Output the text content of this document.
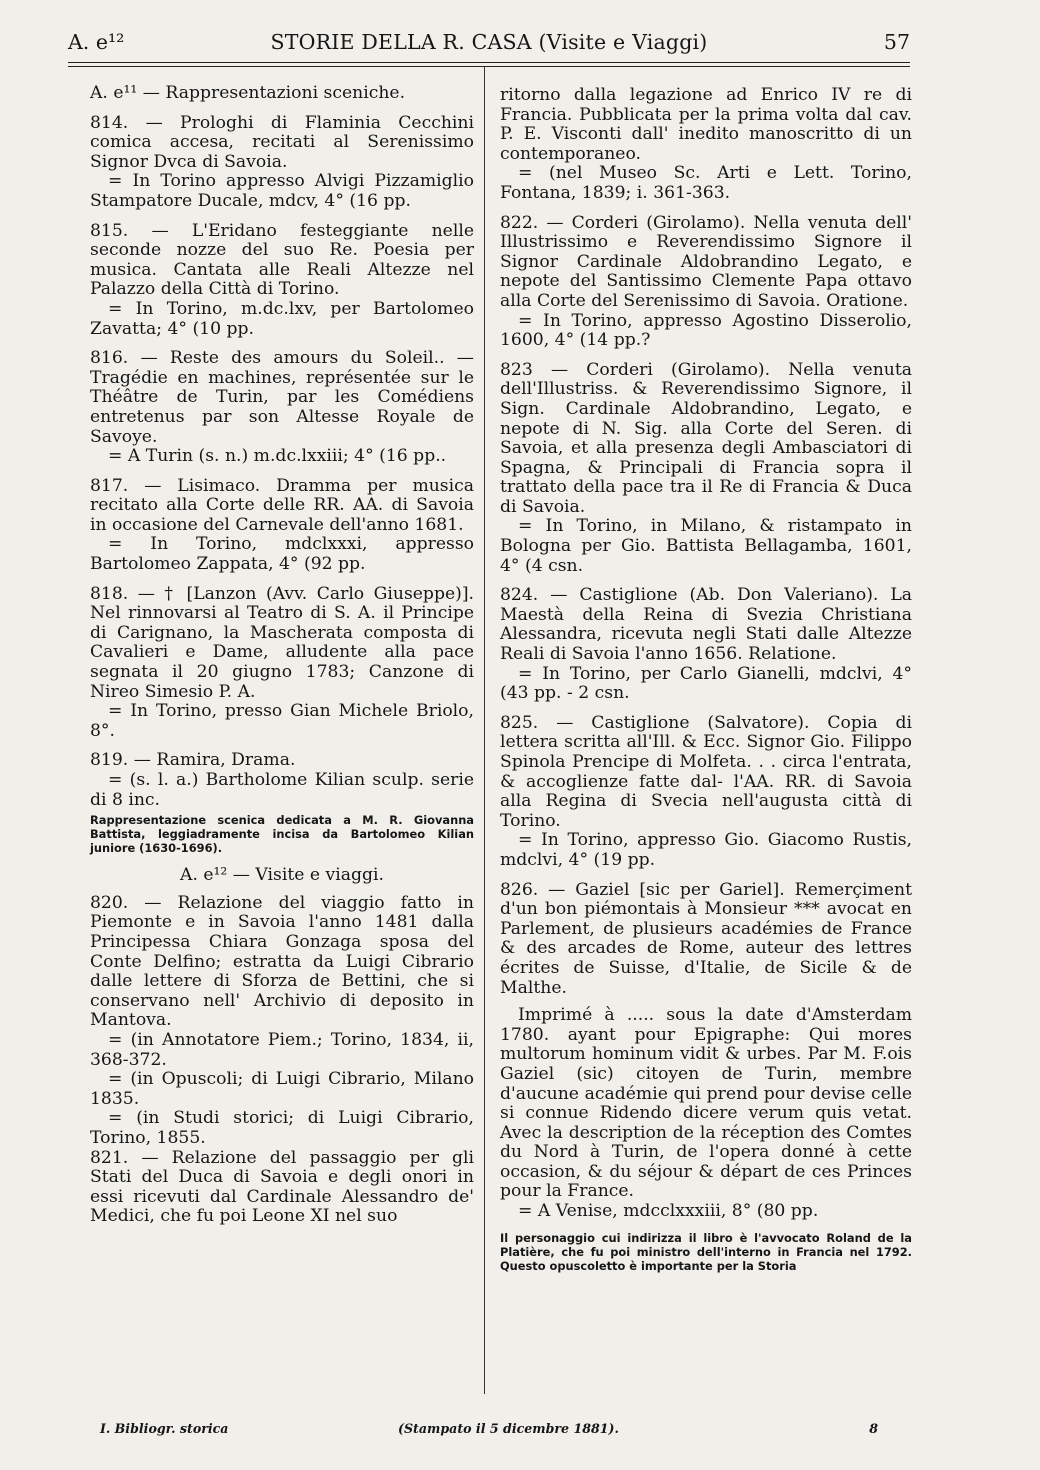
A. e¹²	STORIE DELLA R. CASA (Visite e Viaggi)	57

A. e¹¹ — Rappresentazioni sceniche.

814. — Prologhi di Flaminia Cecchini comica accesa, recitati al Serenissimo Signor Dvca di Savoia.

= In Torino appresso Alvigi Pizzamiglio Stampatore Ducale, mdcv, 4° (16 pp.

815. — L'Eridano festeggiante nelle seconde nozze del suo Re. Poesia per musica. Cantata alle Reali Altezze nel Palazzo della Città di Torino.

= In Torino, m.dc.lxv, per Bartolomeo Zavatta; 4° (10 pp.

816. — Reste des amours du Soleil.. — Tragédie en machines, représentée sur le Théâtre de Turin, par les Comédiens entretenus par son Altesse Royale de Savoye.

= A Turin (s. n.) m.dc.lxxiii; 4° (16 pp..

817. — Lisimaco. Dramma per musica recitato alla Corte delle RR. AA. di Savoia in occasione del Carnevale dell'anno 1681.

= In Torino, mdclxxxi, appresso Bartolomeo Zappata, 4° (92 pp.

818. — † [Lanzon (Avv. Carlo Giuseppe)]. Nel rinnovarsi al Teatro di S. A. il Principe di Carignano, la Mascherata composta di Cavalieri e Dame, alludente alla pace segnata il 20 giugno 1783; Canzone di Nireo Simesio P. A.

= In Torino, presso Gian Michele Briolo, 8°.

819. — Ramira, Drama.

= (s. l. a.) Bartholome Kilian sculp. serie di 8 inc.

Rappresentazione scenica dedicata a M. R. Giovanna Battista, leggiadramente incisa da Bartolomeo Kilian juniore (1630-1696).

A. e¹² — Visite e viaggi.

820. — Relazione del viaggio fatto in Piemonte e in Savoia l'anno 1481 dalla Principessa Chiara Gonzaga sposa del Conte Delfino; estratta da Luigi Cibrario dalle lettere di Sforza de Bettini, che si conservano nell' Archivio di deposito in Mantova.

= (in Annotatore Piem.; Torino, 1834, ii, 368-372.

= (in Opuscoli; di Luigi Cibrario, Milano 1835.

= (in Studi storici; di Luigi Cibrario, Torino, 1855.

821. — Relazione del passaggio per gli Stati del Duca di Savoia e degli onori in essi ricevuti dal Cardinale Alessandro de' Medici, che fu poi Leone XI nel suo

ritorno dalla legazione ad Enrico IV re di Francia. Pubblicata per la prima volta dal cav. P. E. Visconti dall' inedito manoscritto di un contemporaneo.

= (nel Museo Sc. Arti e Lett. Torino, Fontana, 1839; i. 361-363.

822. — Corderi (Girolamo). Nella venuta dell' Illustrissimo e Reverendissimo Signore il Signor Cardinale Aldobrandino Legato, e nepote del Santissimo Clemente Papa ottavo alla Corte del Serenissimo di Savoia. Oratione.

= In Torino, appresso Agostino Disserolio, 1600, 4° (14 pp.?

823 — Corderi (Girolamo). Nella venuta dell'Illustriss. & Reverendissimo Signore, il Sign. Cardinale Aldobrandino, Legato, e nepote di N. Sig. alla Corte del Seren. di Savoia, et alla presenza degli Ambasciatori di Spagna, & Principali di Francia sopra il trattato della pace tra il Re di Francia & Duca di Savoia.

= In Torino, in Milano, & ristampato in Bologna per Gio. Battista Bellagamba, 1601, 4° (4 csn.

824. — Castiglione (Ab. Don Valeriano). La Maestà della Reina di Svezia Christiana Alessandra, ricevuta negli Stati dalle Altezze Reali di Savoia l'anno 1656. Relatione.

= In Torino, per Carlo Gianelli, mdclvi, 4° (43 pp. - 2 csn.

825. — Castiglione (Salvatore). Copia di lettera scritta all'Ill. & Ecc. Signor Gio. Filippo Spinola Prencipe di Molfeta. . . circa l'entrata, & accoglienze fatte dal- l'AA. RR. di Savoia alla Regina di Svecia nell'augusta città di Torino.

= In Torino, appresso Gio. Giacomo Rustis, mdclvi, 4° (19 pp.

826. — Gaziel [sic per Gariel]. Remerçiment d'un bon piémontais à Monsieur *** avocat en Parlement, de plusieurs académies de France & des arcades de Rome, auteur des lettres écrites de Suisse, d'Italie, de Sicile & de Malthe.

Imprimé à ..... sous la date d'Amsterdam 1780. ayant pour Epigraphe: Qui mores multorum hominum vidit & urbes. Par M. F.ois Gaziel (sic) citoyen de Turin, membre d'aucune académie qui prend pour devise celle si connue Ridendo dicere verum quis vetat. Avec la description de la réception des Comtes du Nord à Turin, de l'opera donné à cette occasion, & du séjour & départ de ces Princes pour la France.

= A Venise, mdcclxxxiii, 8° (80 pp.

Il personaggio cui indirizza il libro è l'avvocato Roland de la Platière, che fu poi ministro dell'interno in Francia nel 1792. Questo opuscoletto è importante per la Storia

I. Bibliogr. storica	(Stampato il 5 dicembre 1881).	8
